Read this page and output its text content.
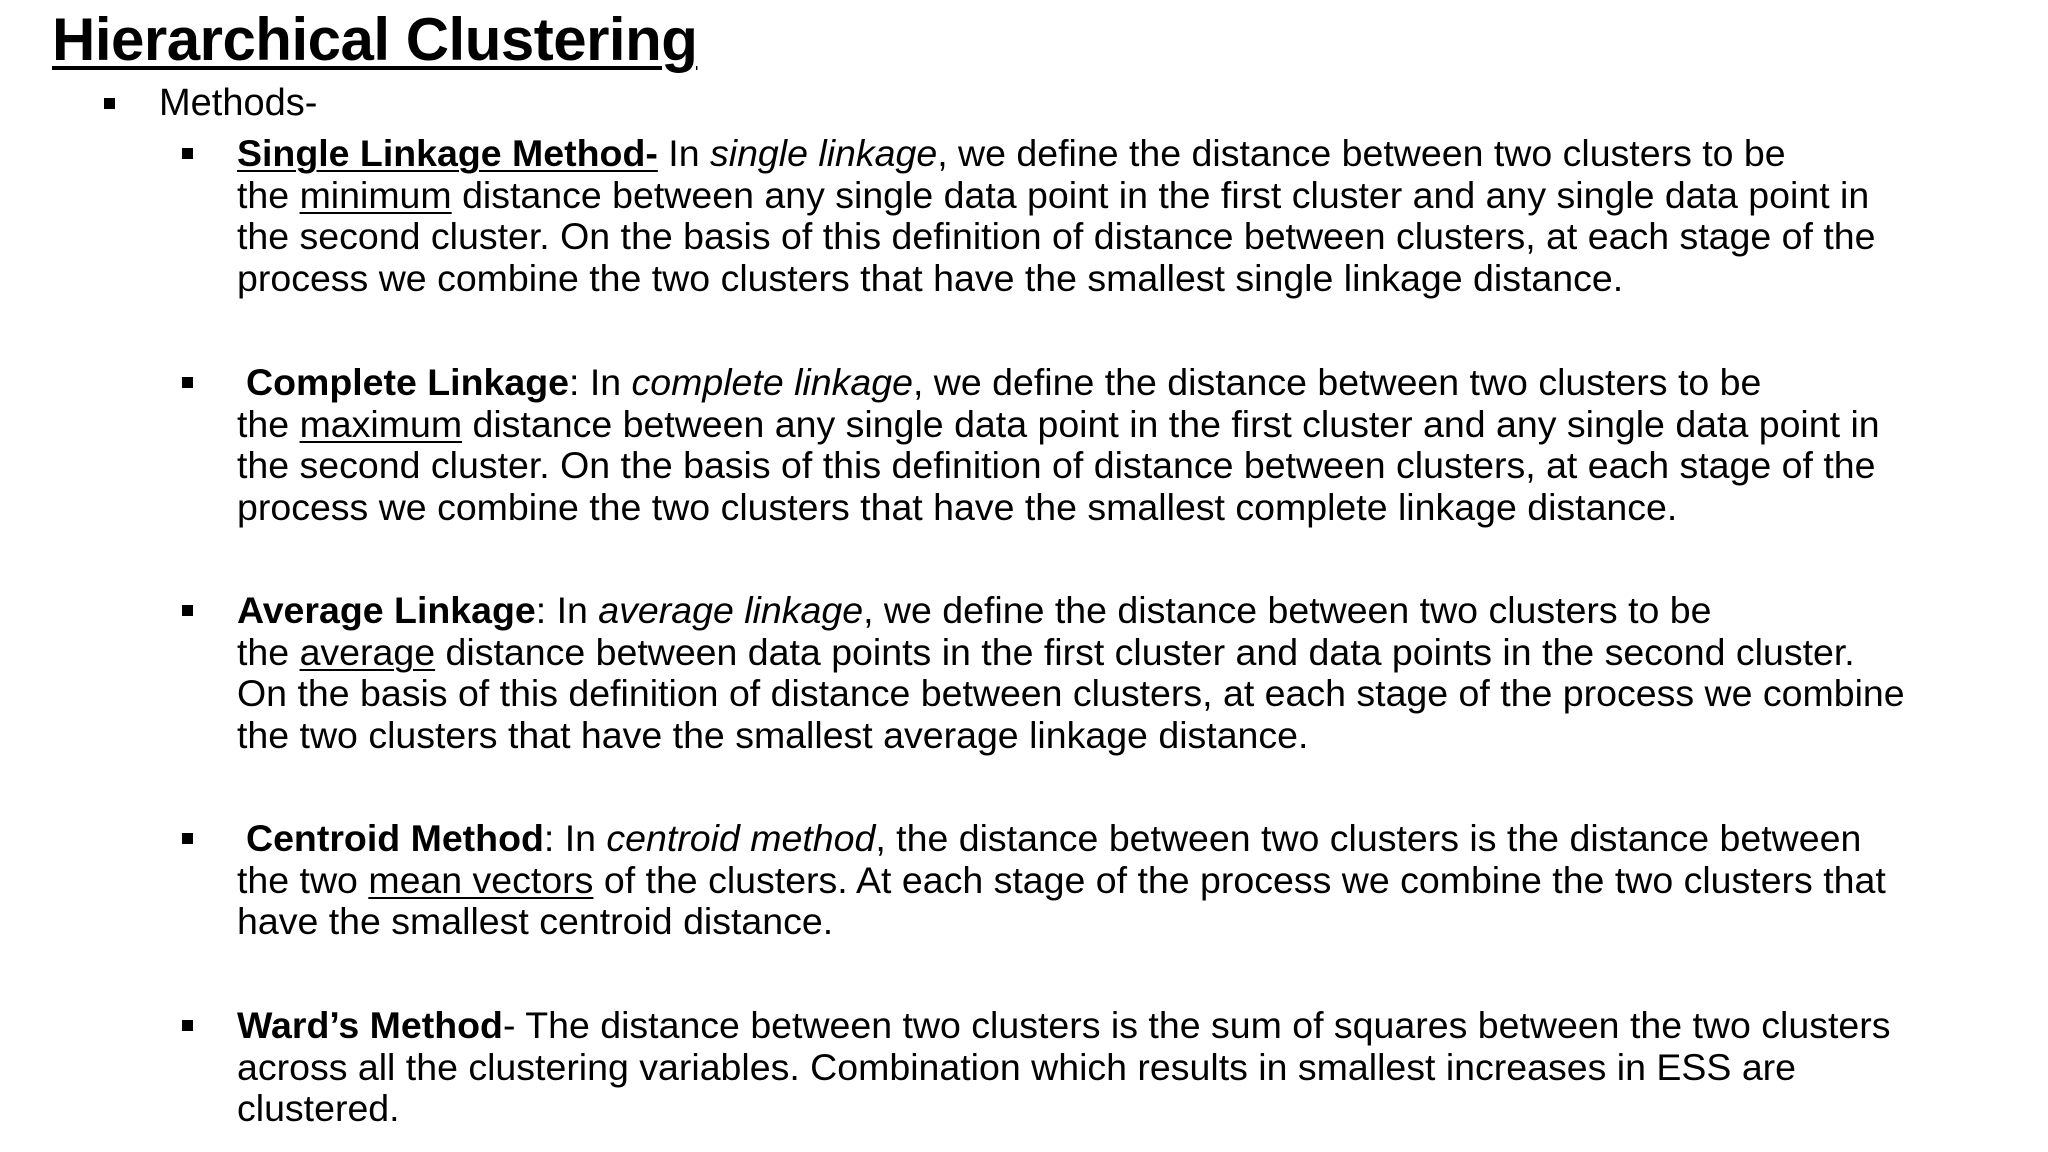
Hierarchical Clustering
Methods-
Single Linkage Method- In single linkage, we define the distance between two clusters to be
the minimum distance between any single data point in the first cluster and any single data point in
the second cluster. On the basis of this definition of distance between clusters, at each stage of the
process we combine the two clusters that have the smallest single linkage distance.
Complete Linkage: In complete linkage, we define the distance between two clusters to be
the maximum distance between any single data point in the first cluster and any single data point in
the second cluster. On the basis of this definition of distance between clusters, at each stage of the
process we combine the two clusters that have the smallest complete linkage distance.
Average Linkage: In average linkage, we define the distance between two clusters to be
the average distance between data points in the first cluster and data points in the second cluster.
On the basis of this definition of distance between clusters, at each stage of the process we combine
the two clusters that have the smallest average linkage distance.
Centroid Method: In centroid method, the distance between two clusters is the distance between
the two mean vectors of the clusters. At each stage of the process we combine the two clusters that
have the smallest centroid distance.
Ward’s Method- The distance between two clusters is the sum of squares between the two clusters
across all the clustering variables. Combination which results in smallest increases in ESS are
clustered.
